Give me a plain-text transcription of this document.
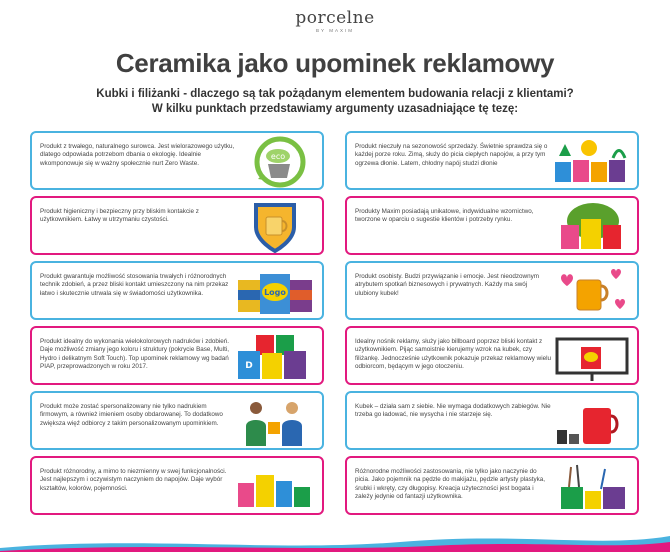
porcelne
BY MAXIM
Ceramika jako upominek reklamowy
Kubki i filiżanki - dlaczego są tak pożądanym elementem budowania relacji z klientami?
W kilku punktach przedstawiamy argumenty uzasadniające tę tezę:
Produkt z trwałego, naturalnego surowca. Jest wielorazowego użytku, dlatego odpowiada potrzebom dbania o ekologię. Idealnie wkomponowuje się w ważny społecznie nurt Zero Waste.
eco
Produkt higieniczny i bezpieczny przy bliskim kontakcie z użytkownikiem. Łatwy w utrzymaniu czystości.
Produkt gwarantuje możliwość stosowania trwałych i różnorodnych technik zdobień, a przez bliski kontakt umieszczony na nim przekaz łatwo i skutecznie utrwala się w świadomości użytkownika.	Logo
Produkt idealny do wykonania wielokolorowych nadruków i zdobień. Daje możliwość zmiany jego koloru i struktury (pokrycie Base, Multi, Hydro i delikatnym Soft Touch). Top upominek reklamowy wg badań PIAP, przeprowadzonych w roku 2017.	D
Produkt może zostać spersonalizowany nie tylko nadrukiem firmowym, a również imieniem osoby obdarowanej. To dodatkowo zwiększa więź odbiorcy z takim personalizowanym upominkiem.
Produkt różnorodny, a mimo to niezmienny w swej funkcjonalności. Jest najlepszym i oczywistym naczyniem do napojów. Daje wybór kształtów, kolorów, pojemności.
Produkt nieczuły na sezonowość sprzedaży. Świetnie sprawdza się o każdej porze roku. Zimą, służy do picia ciepłych napojów, a przy tym ogrzewa dłonie. Latem, chłodny napój studzi dłonie
Produkty Maxim posiadają unikatowe, indywidualne wzornictwo, tworzone w oparciu o sugestie klientów i potrzeby rynku.
Produkt osobisty. Budzi przywiązanie i emocje. Jest nieodzownym atrybutem spotkań biznesowych i prywatnych. Każdy ma swój ulubiony kubek!
Idealny nośnik reklamy, służy jako billboard poprzez bliski kontakt z użytkownikiem. Pijąc samoistnie kierujemy wzrok na kubek, czy filiżankę. Jednocześnie użytkownik pokazuje przekaz reklamowy wielu odbiorcom, będącym w jego otoczeniu.
Kubek – działa sam z siebie. Nie wymaga dodatkowych zabiegów. Nie trzeba go ładować, nie wysycha i nie starzeje się.
Różnorodne możliwości zastosowania, nie tylko jako naczynie do picia. Jako pojemnik na pędzle do makijażu, pędzle artysty plastyka, śrubki i wkręty, czy długopisy. Kreacja użyteczności jest bogata i zależy jedynie od fantazji użytkownika.
